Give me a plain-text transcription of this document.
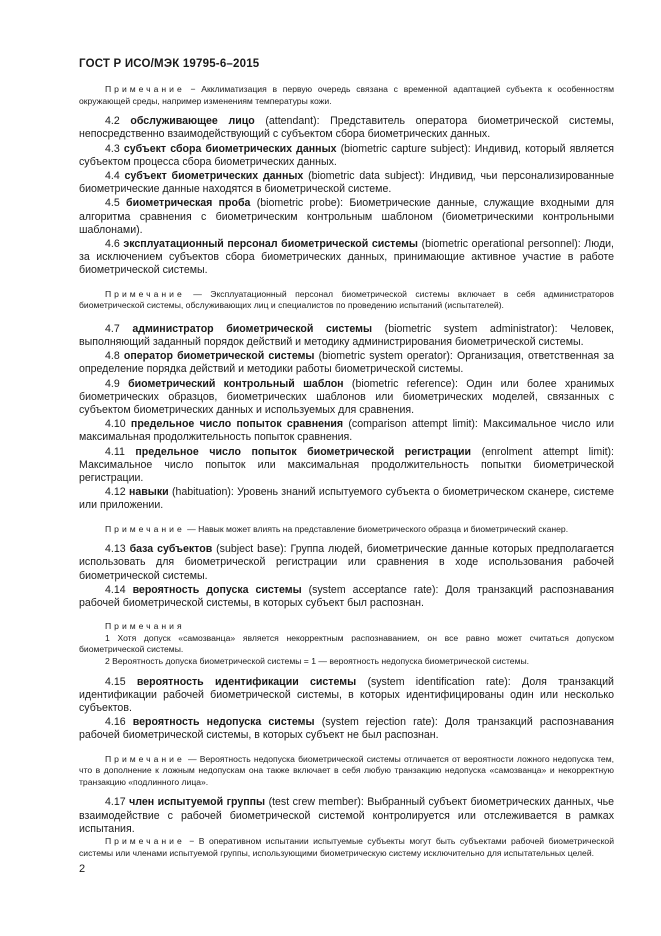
ГОСТ Р ИСО/МЭК 19795-6–2015

Примечание − Акклиматизация в первую очередь связана с временной адаптацией субъекта к особенностям окружающей среды, например изменениям температуры кожи.

4.2 обслуживающее лицо (attendant): Представитель оператора биометрической системы, непосредственно взаимодействующий с субъектом сбора биометрических данных.

4.3 субъект сбора биометрических данных (biometric capture subject): Индивид, который является субъектом процесса сбора биометрических данных.

4.4 субъект биометрических данных (biometric data subject): Индивид, чьи персонализированные биометрические данные находятся в биометрической системе.

4.5 биометрическая проба (biometric probe): Биометрические данные, служащие входными для алгоритма сравнения с биометрическим контрольным шаблоном (биометрическими контрольными шаблонами).

4.6 эксплуатационный персонал биометрической системы (biometric operational personnel): Люди, за исключением субъектов сбора биометрических данных, принимающие активное участие в работе биометрической системы.

Примечание — Эксплуатационный персонал биометрической системы включает в себя администраторов биометрической системы, обслуживающих лиц и специалистов по проведению испытаний (испытателей).

4.7 администратор биометрической системы (biometric system administrator): Человек, выполняющий заданный порядок действий и методику администрирования биометрической системы.

4.8 оператор биометрической системы (biometric system operator): Организация, ответственная за определение порядка действий и методики работы биометрической системы.

4.9 биометрический контрольный шаблон (biometric reference): Один или более хранимых биометрических образцов, биометрических шаблонов или биометрических моделей, связанных с субъектом биометрических данных и используемых для сравнения.

4.10 предельное число попыток сравнения (comparison attempt limit): Максимальное число или максимальная продолжительность попыток сравнения.

4.11 предельное число попыток биометрической регистрации (enrolment attempt limit): Максимальное число попыток или максимальная продолжительность попытки биометрической регистрации.

4.12 навыки (habituation): Уровень знаний испытуемого субъекта о биометрическом сканере, системе или приложении.

Примечание — Навык может влиять на представление биометрического образца и биометрический сканер.

4.13 база субъектов (subject base): Группа людей, биометрические данные которых предполагается использовать для биометрической регистрации или сравнения в ходе использования рабочей биометрической системы.

4.14 вероятность допуска системы (system acceptance rate): Доля транзакций распознавания рабочей биометрической системы, в которых субъект был распознан.

Примечания
1 Хотя допуск «самозванца» является некорректным распознаванием, он все равно может считаться допуском биометрической системы.
2 Вероятность допуска биометрической системы = 1 — вероятность недопуска биометрической системы.

4.15 вероятность идентификации системы (system identification rate): Доля транзакций идентификации рабочей биометрической системы, в которых идентифицированы один или несколько субъектов.

4.16 вероятность недопуска системы (system rejection rate): Доля транзакций распознавания рабочей биометрической системы, в которых субъект не был распознан.

Примечание — Вероятность недопуска биометрической системы отличается от вероятности ложного недопуска тем, что в дополнение к ложным недопускам она также включает в себя любую транзакцию недопуска «самозванца» и некорректную транзакцию «подлинного лица».

4.17 член испытуемой группы (test crew member): Выбранный субъект биометрических данных, чье взаимодействие с рабочей биометрической системой контролируется или отслеживается в рамках испытания.

Примечание − В оперативном испытании испытуемые субъекты могут быть субъектами рабочей биометрической системы или членами испытуемой группы, использующими биометрическую систему исключительно для испытательных целей.

2
